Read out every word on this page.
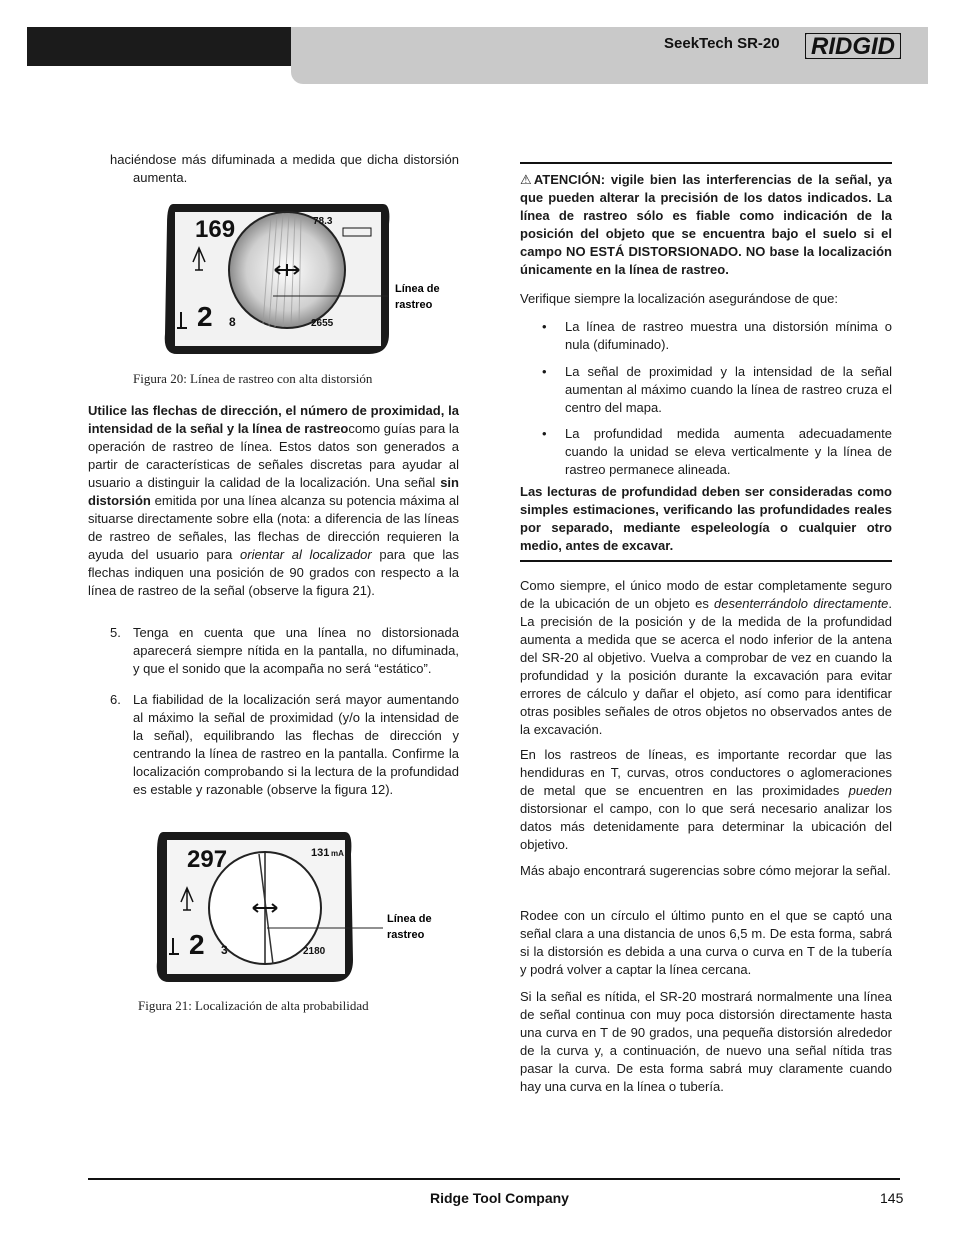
SeekTech SR-20 RIDGID

haciéndose más difuminada a medida que dicha distorsión aumenta.

169	78.3
2 8	2655
Línea de
rastreo
Figura 20: Línea de rastreo con alta distorsión

Utilice las flechas de dirección, el número de proximidad, la intensidad de la señal y la línea de rastreocomo guías para la operación de rastreo de línea. Estos datos son generados a partir de características de señales discretas para ayudar al usuario a distinguir la calidad de la localización. Una señal sin distorsión emitida por una línea alcanza su potencia máxima al situarse directamente sobre ella (nota: a diferencia de las líneas de rastreo de señales, las flechas de dirección requieren la ayuda del usuario para orientar al localizador para que las flechas indiquen una posición de 90 grados con respecto a la línea de rastreo de la señal (observe la figura 21).

5. Tenga en cuenta que una línea no distorsionada aparecerá siempre nítida en la pantalla, no difuminada, y que el sonido que la acompaña no será “estático”.
6. La fiabilidad de la localización será mayor aumentando al máximo la señal de proximidad (y/o la intensidad de la señal), equilibrando las flechas de dirección y centrando la línea de rastreo en la pantalla. Confirme la localización comprobando si la lectura de la profundidad es estable y razonable (observe la figura 12).
297	131 mA
2 3	2180
Línea de
rastreo
Figura 21: Localización de alta probabilidad

⚠ATENCIÓN: vigile bien las interferencias de la señal, ya que pueden alterar la precisión de los datos indicados. La línea de rastreo sólo es fiable como indicación de la posición del objeto que se encuentra bajo el suelo si el campo NO ESTÁ DISTORSIONADO. NO base la localización únicamente en la línea de rastreo.

Verifique siempre la localización asegurándose de que:
• La línea de rastreo muestra una distorsión mínima o nula (difuminado).
• La señal de proximidad y la intensidad de la señal aumentan al máximo cuando la línea de rastreo cruza el centro del mapa.
• La profundidad medida aumenta adecuadamente cuando la unidad se eleva verticalmente y la línea de rastreo permanece alineada.
Las lecturas de profundidad deben ser consideradas como simples estimaciones, verificando las profundidades reales por separado, mediante espeleología o cualquier otro medio, antes de excavar.

Como siempre, el único modo de estar completamente seguro de la ubicación de un objeto es desenterrándolo directamente. La precisión de la posición y de la medida de la profundidad aumenta a medida que se acerca el nodo inferior de la antena del SR-20 al objetivo. Vuelva a comprobar de vez en cuando la profundidad y la posición durante la excavación para evitar errores de cálculo y dañar el objeto, así como para identificar otras posibles señales de otros objetos no observados antes de la excavación.

En los rastreos de líneas, es importante recordar que las hendiduras en T, curvas, otros conductores o aglomeraciones de metal que se encuentren en las proximidades pueden distorsionar el campo, con lo que será necesario analizar los datos más detenidamente para determinar la ubicación del objetivo.

Más abajo encontrará sugerencias sobre cómo mejorar la señal.
Rodee con un círculo el último punto en el que se captó una señal clara a una distancia de unos 6,5 m. De esta forma, sabrá si la distorsión es debida a una curva o curva en T de la tubería y podrá volver a captar la línea cercana.
Si la señal es nítida, el SR-20 mostrará normalmente una línea de señal continua con muy poca distorsión directamente hasta una curva en T de 90 grados, una pequeña distorsión alrededor de la curva y, a continuación, de nuevo una señal nítida tras pasar la curva. De esta forma sabrá muy claramente cuando hay una curva en la línea o tubería.
Ridge Tool Company	145
